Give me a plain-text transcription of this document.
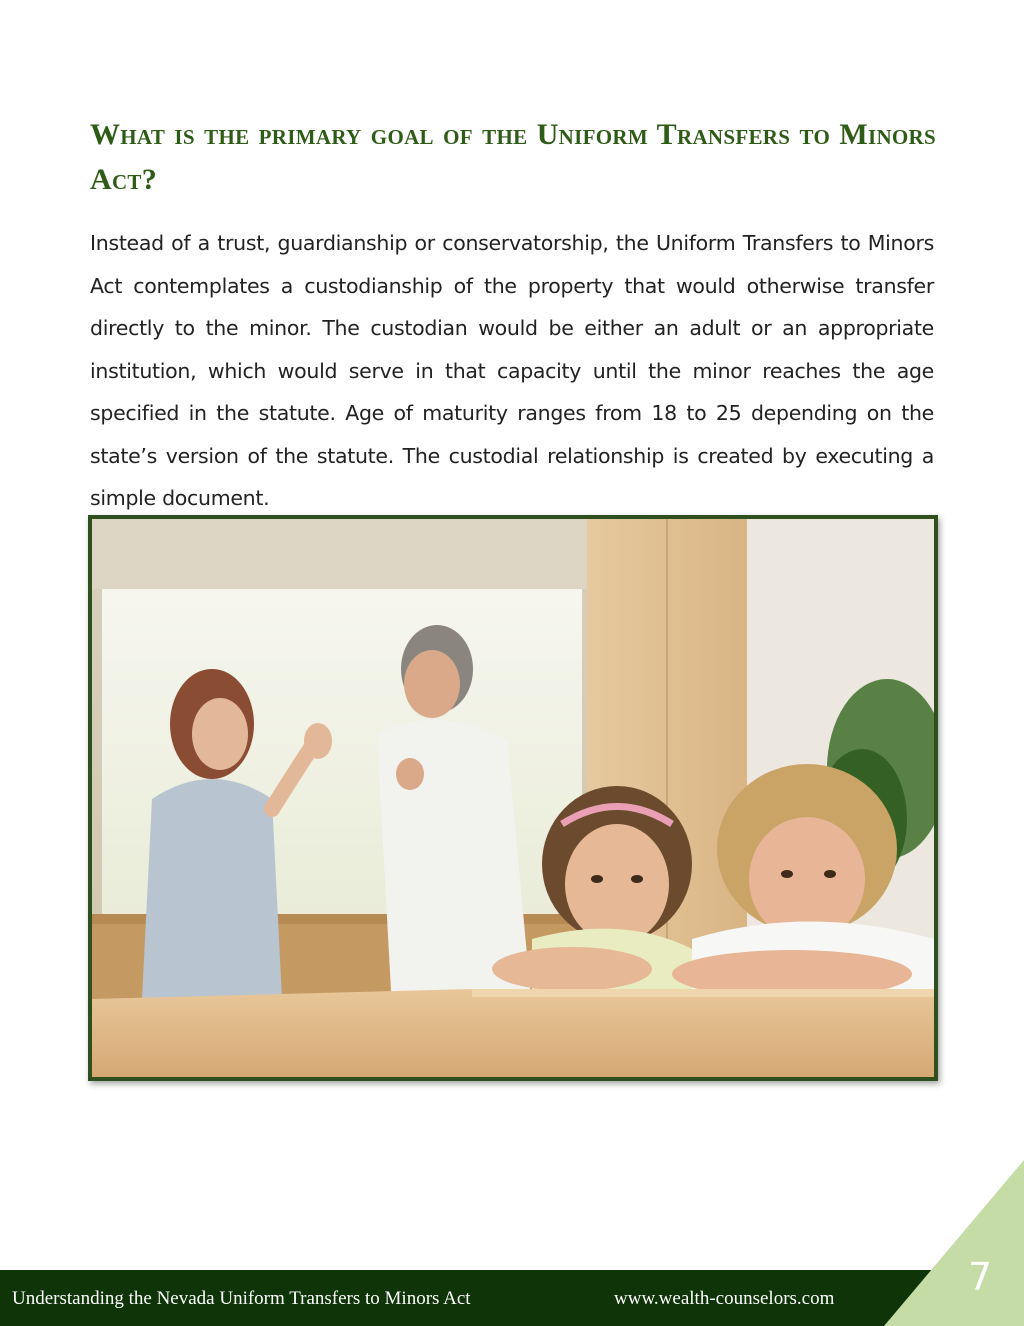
What is the primary goal of the Uniform Transfers to Minors Act?

Instead of a trust, guardianship or conservatorship, the Uniform Transfers to Minors Act contemplates a custodianship of the property that would otherwise transfer directly to the minor. The custodian would be either an adult or an appropriate institution, which would serve in that capacity until the minor reaches the age specified in the statute. Age of maturity ranges from 18 to 25 depending on the state’s version of the statute. The custodial relationship is created by executing a simple document.

Understanding the Nevada Uniform Transfers to Minors Act	www.wealth-counselors.com	7
